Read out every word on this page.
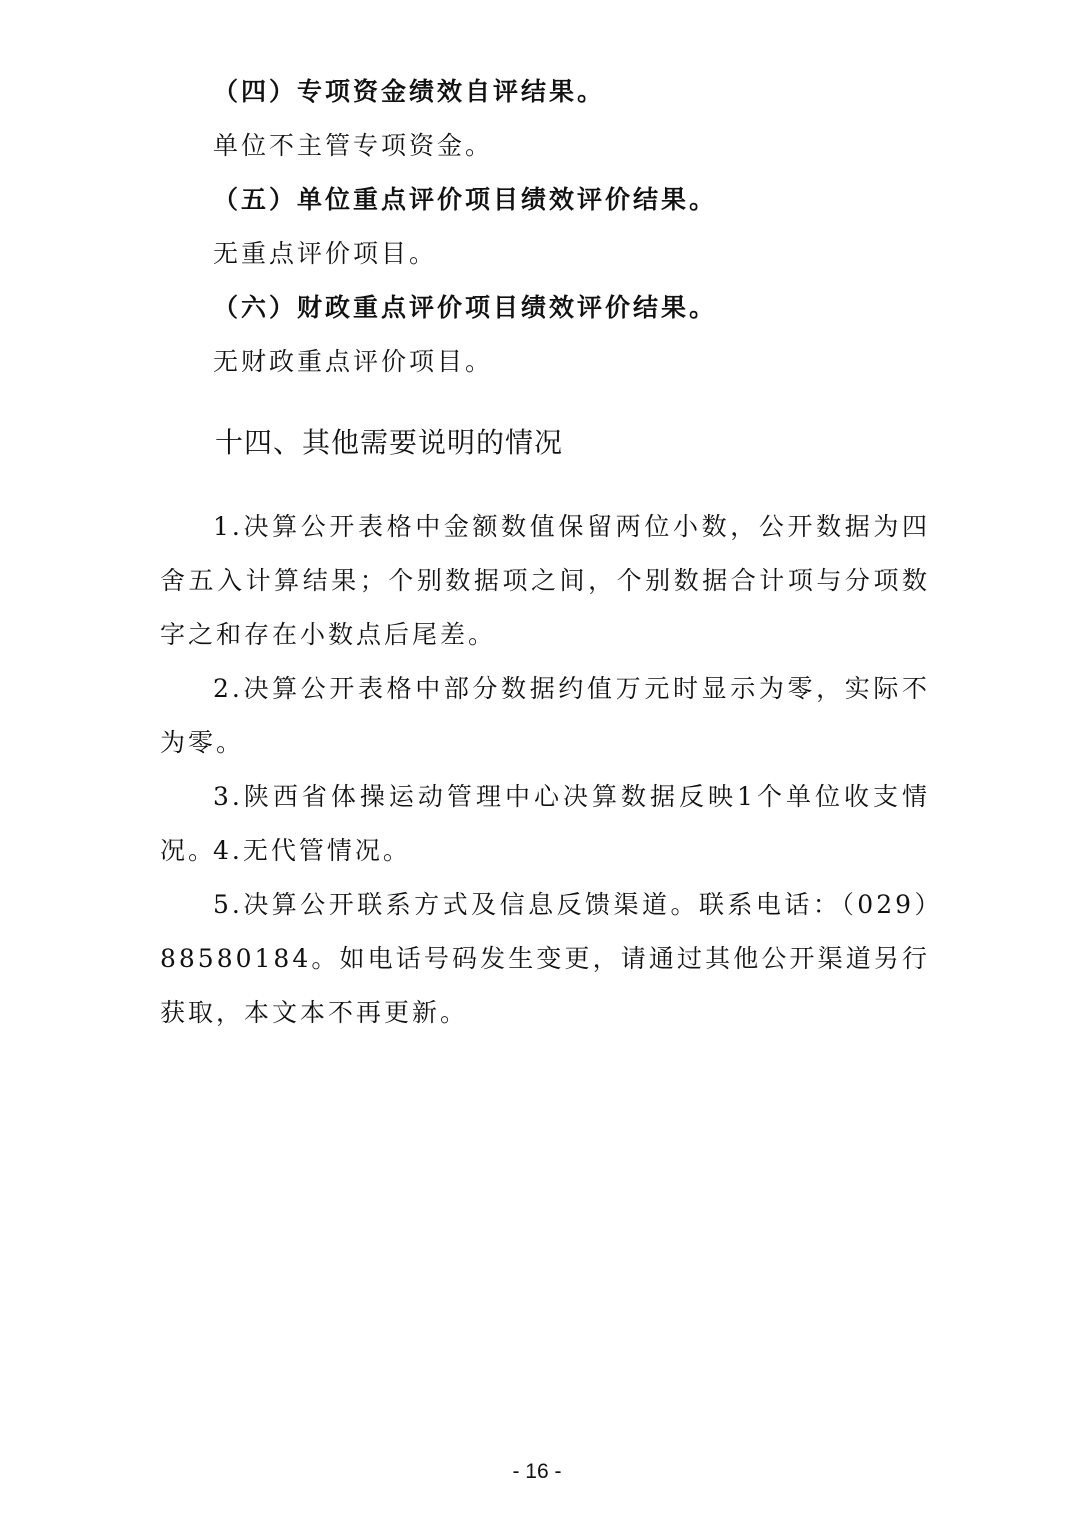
（四）专项资金绩效自评结果。
单位不主管专项资金。
（五）单位重点评价项目绩效评价结果。
无重点评价项目。
（六）财政重点评价项目绩效评价结果。
无财政重点评价项目。
十四、其他需要说明的情况
1.决算公开表格中金额数值保留两位小数，公开数据为四舍五入计算结果；个别数据项之间，个别数据合计项与分项数字之和存在小数点后尾差。
2.决算公开表格中部分数据约值万元时显示为零，实际不为零。
3.陕西省体操运动管理中心决算数据反映1个单位收支情况。
4.无代管情况。
5.决算公开联系方式及信息反馈渠道。联系电话：（029）88580184。如电话号码发生变更，请通过其他公开渠道另行获取，本文本不再更新。
- 16 -
